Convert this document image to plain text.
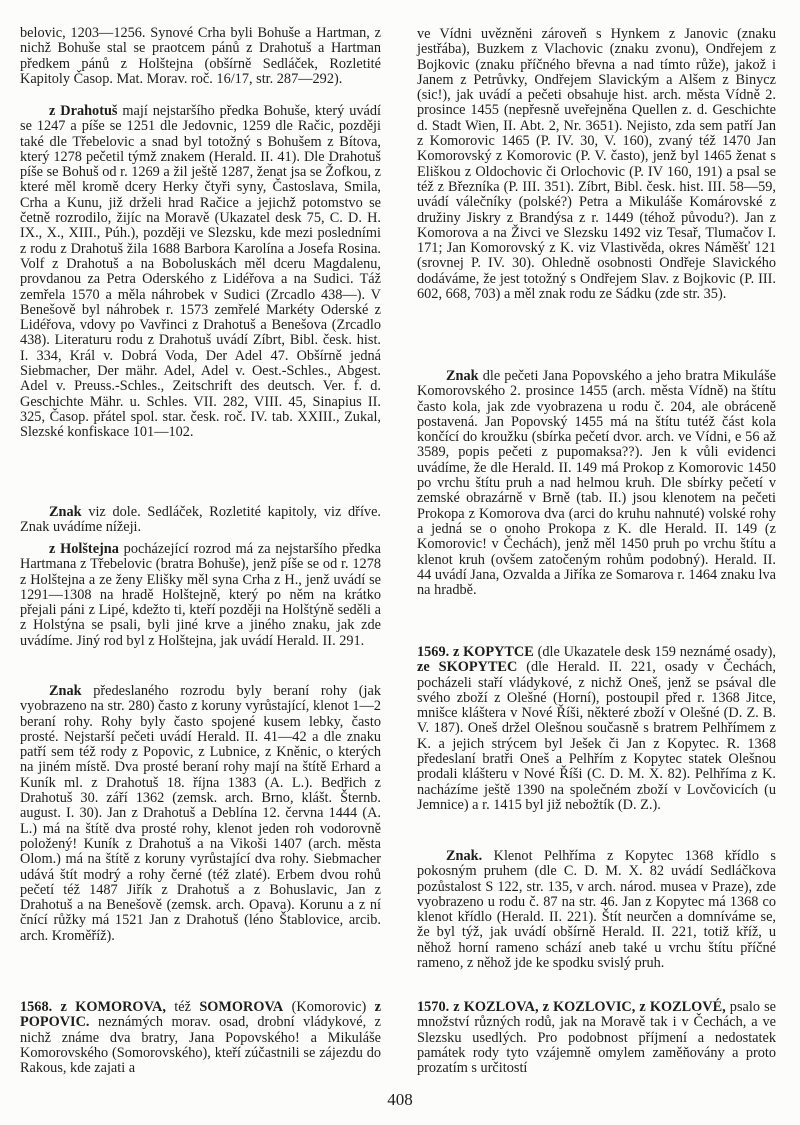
belovic, 1203—1256. Synové Crha byli Bohuše a Hartman, z nichž Bohuše stal se praotcem pánů z Drahotuš a Hartman předkem pánů z Holštejna (obšírně Sedláček, Rozletité Kapitoly Časop. Mat. Morav. roč. 16/17, str. 287—292).

z Drahotuš mají nejstaršího předka Bohuše, který uvádí se 1247 a píše se 1251 dle Jedovnic, 1259 dle Račic, později také dle Třebelovic a snad byl totožný s Bohušem z Bítova, který 1278 pečetil týmž znakem (Herald. II. 41). Dle Drahotuš píše se Bohuš od r. 1269 a žil ještě 1287, ženat jsa se Žofkou, z které měl kromě dcery Herky čtyři syny, Častoslava, Smila, Crha a Kunu, již drželi hrad Račice a jejichž potomstvo se četně rozrodilo, žijíc na Moravě (Ukazatel desk 75, C. D. H. IX., X., XIII., Púh.), později ve Slezsku, kde mezi posledními z rodu z Drahotuš žila 1688 Barbora Karolína a Josefa Rosina. Volf z Drahotuš a na Boboluskách měl dceru Magdalenu, provdanou za Petra Oderského z Lidéřova a na Sudici. Táž zemřela 1570 a měla náhrobek v Sudici (Zrcadlo 438—). V Benešově byl náhrobek r. 1573 zemřelé Markéty Oderské z Lidéřova, vdovy po Vavřinci z Drahotuš a Benešova (Zrcadlo 438). Literaturu rodu z Drahotuš uvádí Zíbrt, Bibl. česk. hist. I. 334, Král v. Dobrá Voda, Der Adel 47. Obšírně jedná Siebmacher, Der mähr. Adel, Adel v. Oest.-Schles., Abgest. Adel v. Preuss.-Schles., Zeitschrift des deutsch. Ver. f. d. Geschichte Mähr. u. Schles. VII. 282, VIII. 45, Sinapius II. 325, Časop. přátel spol. star. česk. roč. IV. tab. XXIII., Zukal, Slezské konfiskace 101—102.

Znak viz dole. Sedláček, Rozletité kapitoly, viz dříve. Znak uvádíme nížeji.

z Holštejna pocházející rozrod má za nejstaršího předka Hartmana z Třebelovic (bratra Bohuše), jenž píše se od r. 1278 z Holštejna a ze ženy Elišky měl syna Crha z H., jenž uvádí se 1291—1308 na hradě Holštejně, který po něm na krátko přejali páni z Lipé, kdežto ti, kteří později na Holštýně seděli a z Holstýna se psali, byli jiné krve a jiného znaku, jak zde uvádíme. Jiný rod byl z Holštejna, jak uvádí Herald. II. 291.

Znak předeslaného rozrodu byly beraní rohy (jak vyobrazeno na str. 280) často z koruny vyrůstající, klenot 1—2 beraní rohy. Rohy byly často spojené kusem lebky, často prosté. Nejstarší pečeti uvádí Herald. II. 41—42 a dle znaku patří sem též rody z Popovic, z Lubnice, z Kněnic, o kterých na jiném místě. Dva prosté beraní rohy mají na štítě Erhard a Kuník ml. z Drahotuš 18. října 1383 (A. L.). Bedřich z Drahotuš 30. září 1362 (zemsk. arch. Brno, klášt. Šternb. august. I. 30). Jan z Drahotuš a Deblína 12. června 1444 (A. L.) má na štítě dva prosté rohy, klenot jeden roh vodorovně položený! Kuník z Drahotuš a na Vikoši 1407 (arch. města Olom.) má na štítě z koruny vyrůstající dva rohy. Siebmacher udává štít modrý a rohy černé (též zlaté). Erbem dvou rohů pečetí též 1487 Jiřík z Drahotuš a z Bohuslavic, Jan z Drahotuš a na Benešově (zemsk. arch. Opava). Korunu a z ní čnící růžky má 1521 Jan z Drahotuš (léno Štablovice, arcib. arch. Kroměříž).

1568. z KOMOROVA, též SOMOROVA (Komorovic) z POPOVIC. neznámých morav. osad, drobní vládykové, z nichž známe dva bratry, Jana Popovského! a Mikuláše Komorovského (Somorovského), kteří zúčastnili se zájezdu do Rakous, kde zajati a

ve Vídni uvězněni zároveň s Hynkem z Janovic (znaku jestřába), Buzkem z Vlachovic (znaku zvonu), Ondřejem z Bojkovic (znaku příčného břevna a nad tímto růže), jakož i Janem z Petrůvky, Ondřejem Slavickým a Alšem z Binycz (sic!), jak uvádí a pečeti obsahuje hist. arch. města Vídně 2. prosince 1455 (nepřesně uveřejněna Quellen z. d. Geschichte d. Stadt Wien, II. Abt. 2, Nr. 3651). Nejisto, zda sem patří Jan z Komorovic 1465 (P. IV. 30, V. 160), zvaný též 1470 Jan Komorovský z Komorovic (P. V. často), jenž byl 1465 ženat s Eliškou z Oldochovic či Orlochovic (P. IV 160, 191) a psal se též z Březníka (P. III. 351). Zíbrt, Bibl. česk. hist. III. 58—59, uvádí válečníky (polské?) Petra a Mikuláše Komárovské z družiny Jiskry z Brandýsa z r. 1449 (téhož původu?). Jan z Komorova a na Živci ve Slezsku 1492 viz Tesař, Tlumačov I. 171; Jan Komorovský z K. viz Vlastivěda, okres Náměšť 121 (srovnej P. IV. 30). Ohledně osobnosti Ondřeje Slavického dodáváme, že jest totožný s Ondřejem Slav. z Bojkovic (P. III. 602, 668, 703) a měl znak rodu ze Sádku (zde str. 35).

Znak dle pečeti Jana Popovského a jeho bratra Mikuláše Komorovského 2. prosince 1455 (arch. města Vídně) na štítu často kola, jak zde vyobrazena u rodu č. 204, ale obráceně postavená. Jan Popovský 1455 má na štítu tutéž část kola končící do kroužku (sbírka pečetí dvor. arch. ve Vídni, e 56 až 3589, popis pečeti z pupomaksa??). Jen k vůli evidenci uvádíme, že dle Herald. II. 149 má Prokop z Komorovic 1450 po vrchu štítu pruh a nad helmou kruh. Dle sbírky pečetí v zemské obrazárně v Brně (tab. II.) jsou klenotem na pečeti Prokopa z Komorova dva (arci do kruhu nahnuté) volské rohy a jedná se o onoho Prokopa z K. dle Herald. II. 149 (z Komorovic! v Čechách), jenž měl 1450 pruh po vrchu štítu a klenot kruh (ovšem zatočeným rohům podobný). Herald. II. 44 uvádí Jana, Ozvalda a Jiříka ze Somarova r. 1464 znaku lva na hradbě.

1569. z KOPYTCE (dle Ukazatele desk 159 neznámé osady), ze SKOPYTEC (dle Herald. II. 221, osady v Čechách, pocházeli staří vládykové, z nichž Oneš, jenž se psával dle svého zboží z Olešné (Horní), postoupil před r. 1368 Jitce, mnišce kláštera v Nové Říši, některé zboží v Olešné (D. Z. B. V. 187). Oneš držel Olešnou současně s bratrem Pelhřímem z K. a jejich strýcem byl Ješek či Jan z Kopytec. R. 1368 předeslaní bratři Oneš a Pelhřím z Kopytec statek Olešnou prodali klášteru v Nové Říši (C. D. M. X. 82). Pelhříma z K. nacházíme ještě 1390 na společném zboží v Lovčovicích (u Jemnice) a r. 1415 byl již nebožtík (D. Z.).

Znak. Klenot Pelhříma z Kopytec 1368 křídlo s pokosným pruhem (dle C. D. M. X. 82 uvádí Sedláčkova pozůstalost S 122, str. 135, v arch. národ. musea v Praze), zde vyobrazeno u rodu č. 87 na str. 46. Jan z Kopytec má 1368 co klenot křídlo (Herald. II. 221). Štít neurčen a domníváme se, že byl týž, jak uvádí obšírně Herald. II. 221, totiž kříž, u něhož horní rameno schází aneb také u vrchu štítu příčné rameno, z něhož jde ke spodku svislý pruh.

1570. z KOZLOVA, z KOZLOVIC, z KOZLOVÉ, psalo se množství různých rodů, jak na Moravě tak i v Čechách, a ve Slezsku usedlých. Pro podobnost příjmení a nedostatek památek rody tyto vzájemně omylem zaměňovány a proto prozatím s určitostí

408
